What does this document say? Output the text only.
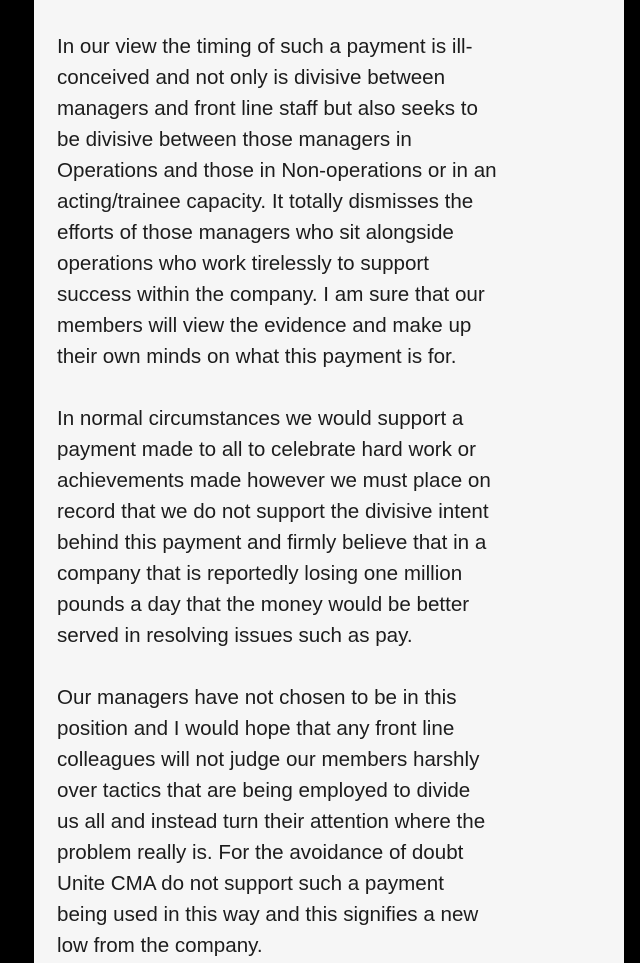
In our view the timing of such a payment is ill-
conceived and not only is divisive between
managers and front line staff but also seeks to
be divisive between those managers in
Operations and those in Non-operations or in an
acting/trainee capacity. It totally dismisses the
efforts of those managers who sit alongside
operations who work tirelessly to support
success within the company. I am sure that our
members will view the evidence and make up
their own minds on what this payment is for.

In normal circumstances we would support a
payment made to all to celebrate hard work or
achievements made however we must place on
record that we do not support the divisive intent
behind this payment and firmly believe that in a
company that is reportedly losing one million
pounds a day that the money would be better
served in resolving issues such as pay.

Our managers have not chosen to be in this
position and I would hope that any front line
colleagues will not judge our members harshly
over tactics that are being employed to divide
us all and instead turn their attention where the
problem really is. For the avoidance of doubt
Unite CMA do not support such a payment
being used in this way and this signifies a new
low from the company.
